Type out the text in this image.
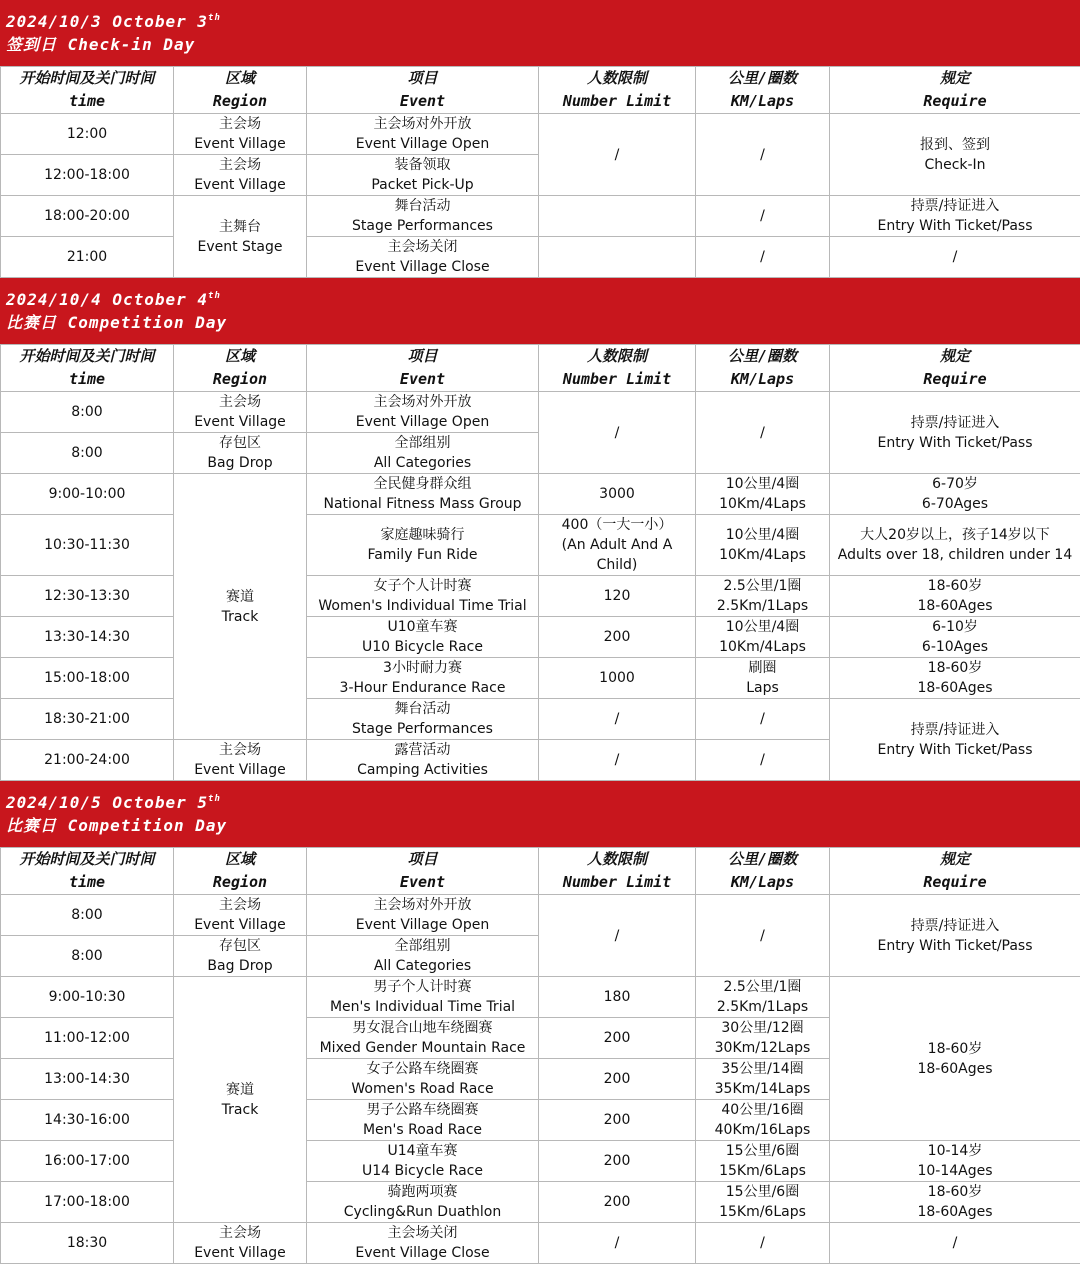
2024/10/3 October 3th
签到日 Check-in Day
开始时间及关门时间
time	区域
Region	项目
Event	人数限制
Number Limit	公里/圈数
KM/Laps	规定
Require

12:00	主会场
Event Village	主会场对外开放
Event Village Open	/	/	报到、签到
Check-In

12:00-18:00	主会场
Event Village	装备领取
Packet Pick-Up			

18:00-20:00	主舞台
Event Stage	舞台活动
Stage Performances		/	持票/持证进入
Entry With Ticket/Pass

21:00		主会场关闭
Event Village Close		/	/
2024/10/4 October 4th
比赛日 Competition Day
开始时间及关门时间
time	区域
Region	项目
Event	人数限制
Number Limit	公里/圈数
KM/Laps	规定
Require

8:00	主会场
Event Village	主会场对外开放
Event Village Open	/	/	持票/持证进入
Entry With Ticket/Pass

8:00	存包区
Bag Drop	全部组别
All Categories			

9:00-10:00	赛道
Track	全民健身群众组
National Fitness Mass Group	3000	10公里/4圈
10Km/4Laps	6-70岁
6-70Ages

10:30-11:30		家庭趣味骑行
Family Fun Ride	400（一大一小）
(An Adult And A
Child)	10公里/4圈
10Km/4Laps	大人20岁以上，孩子14岁以下
Adults over 18, children under 14

12:30-13:30		女子个人计时赛
Women's Individual Time Trial	120	2.5公里/1圈
2.5Km/1Laps	18-60岁
18-60Ages

13:30-14:30		U10童车赛
U10 Bicycle Race	200	10公里/4圈
10Km/4Laps	6-10岁
6-10Ages

15:00-18:00		3小时耐力赛
3-Hour Endurance Race	1000	刷圈
Laps	18-60岁
18-60Ages

18:30-21:00		舞台活动
Stage Performances	/	/	持票/持证进入
Entry With Ticket/Pass

21:00-24:00	主会场
Event Village	露营活动
Camping Activities	/	/	
2024/10/5 October 5th
比赛日 Competition Day
开始时间及关门时间
time	区域
Region	项目
Event	人数限制
Number Limit	公里/圈数
KM/Laps	规定
Require

8:00	主会场
Event Village	主会场对外开放
Event Village Open	/	/	持票/持证进入
Entry With Ticket/Pass

8:00	存包区
Bag Drop	全部组别
All Categories			

9:00-10:30	赛道
Track	男子个人计时赛
Men's Individual Time Trial	180	2.5公里/1圈
2.5Km/1Laps	18-60岁
18-60Ages

11:00-12:00		男女混合山地车绕圈赛
Mixed Gender Mountain Race	200	30公里/12圈
30Km/12Laps	

13:00-14:30		女子公路车绕圈赛
Women's Road Race	200	35公里/14圈
35Km/14Laps	

14:30-16:00		男子公路车绕圈赛
Men's Road Race	200	40公里/16圈
40Km/16Laps	

16:00-17:00		U14童车赛
U14 Bicycle Race	200	15公里/6圈
15Km/6Laps	10-14岁
10-14Ages

17:00-18:00		骑跑两项赛
Cycling&Run Duathlon	200	15公里/6圈
15Km/6Laps	18-60岁
18-60Ages

18:30	主会场
Event Village	主会场关闭
Event Village Close	/	/	/
